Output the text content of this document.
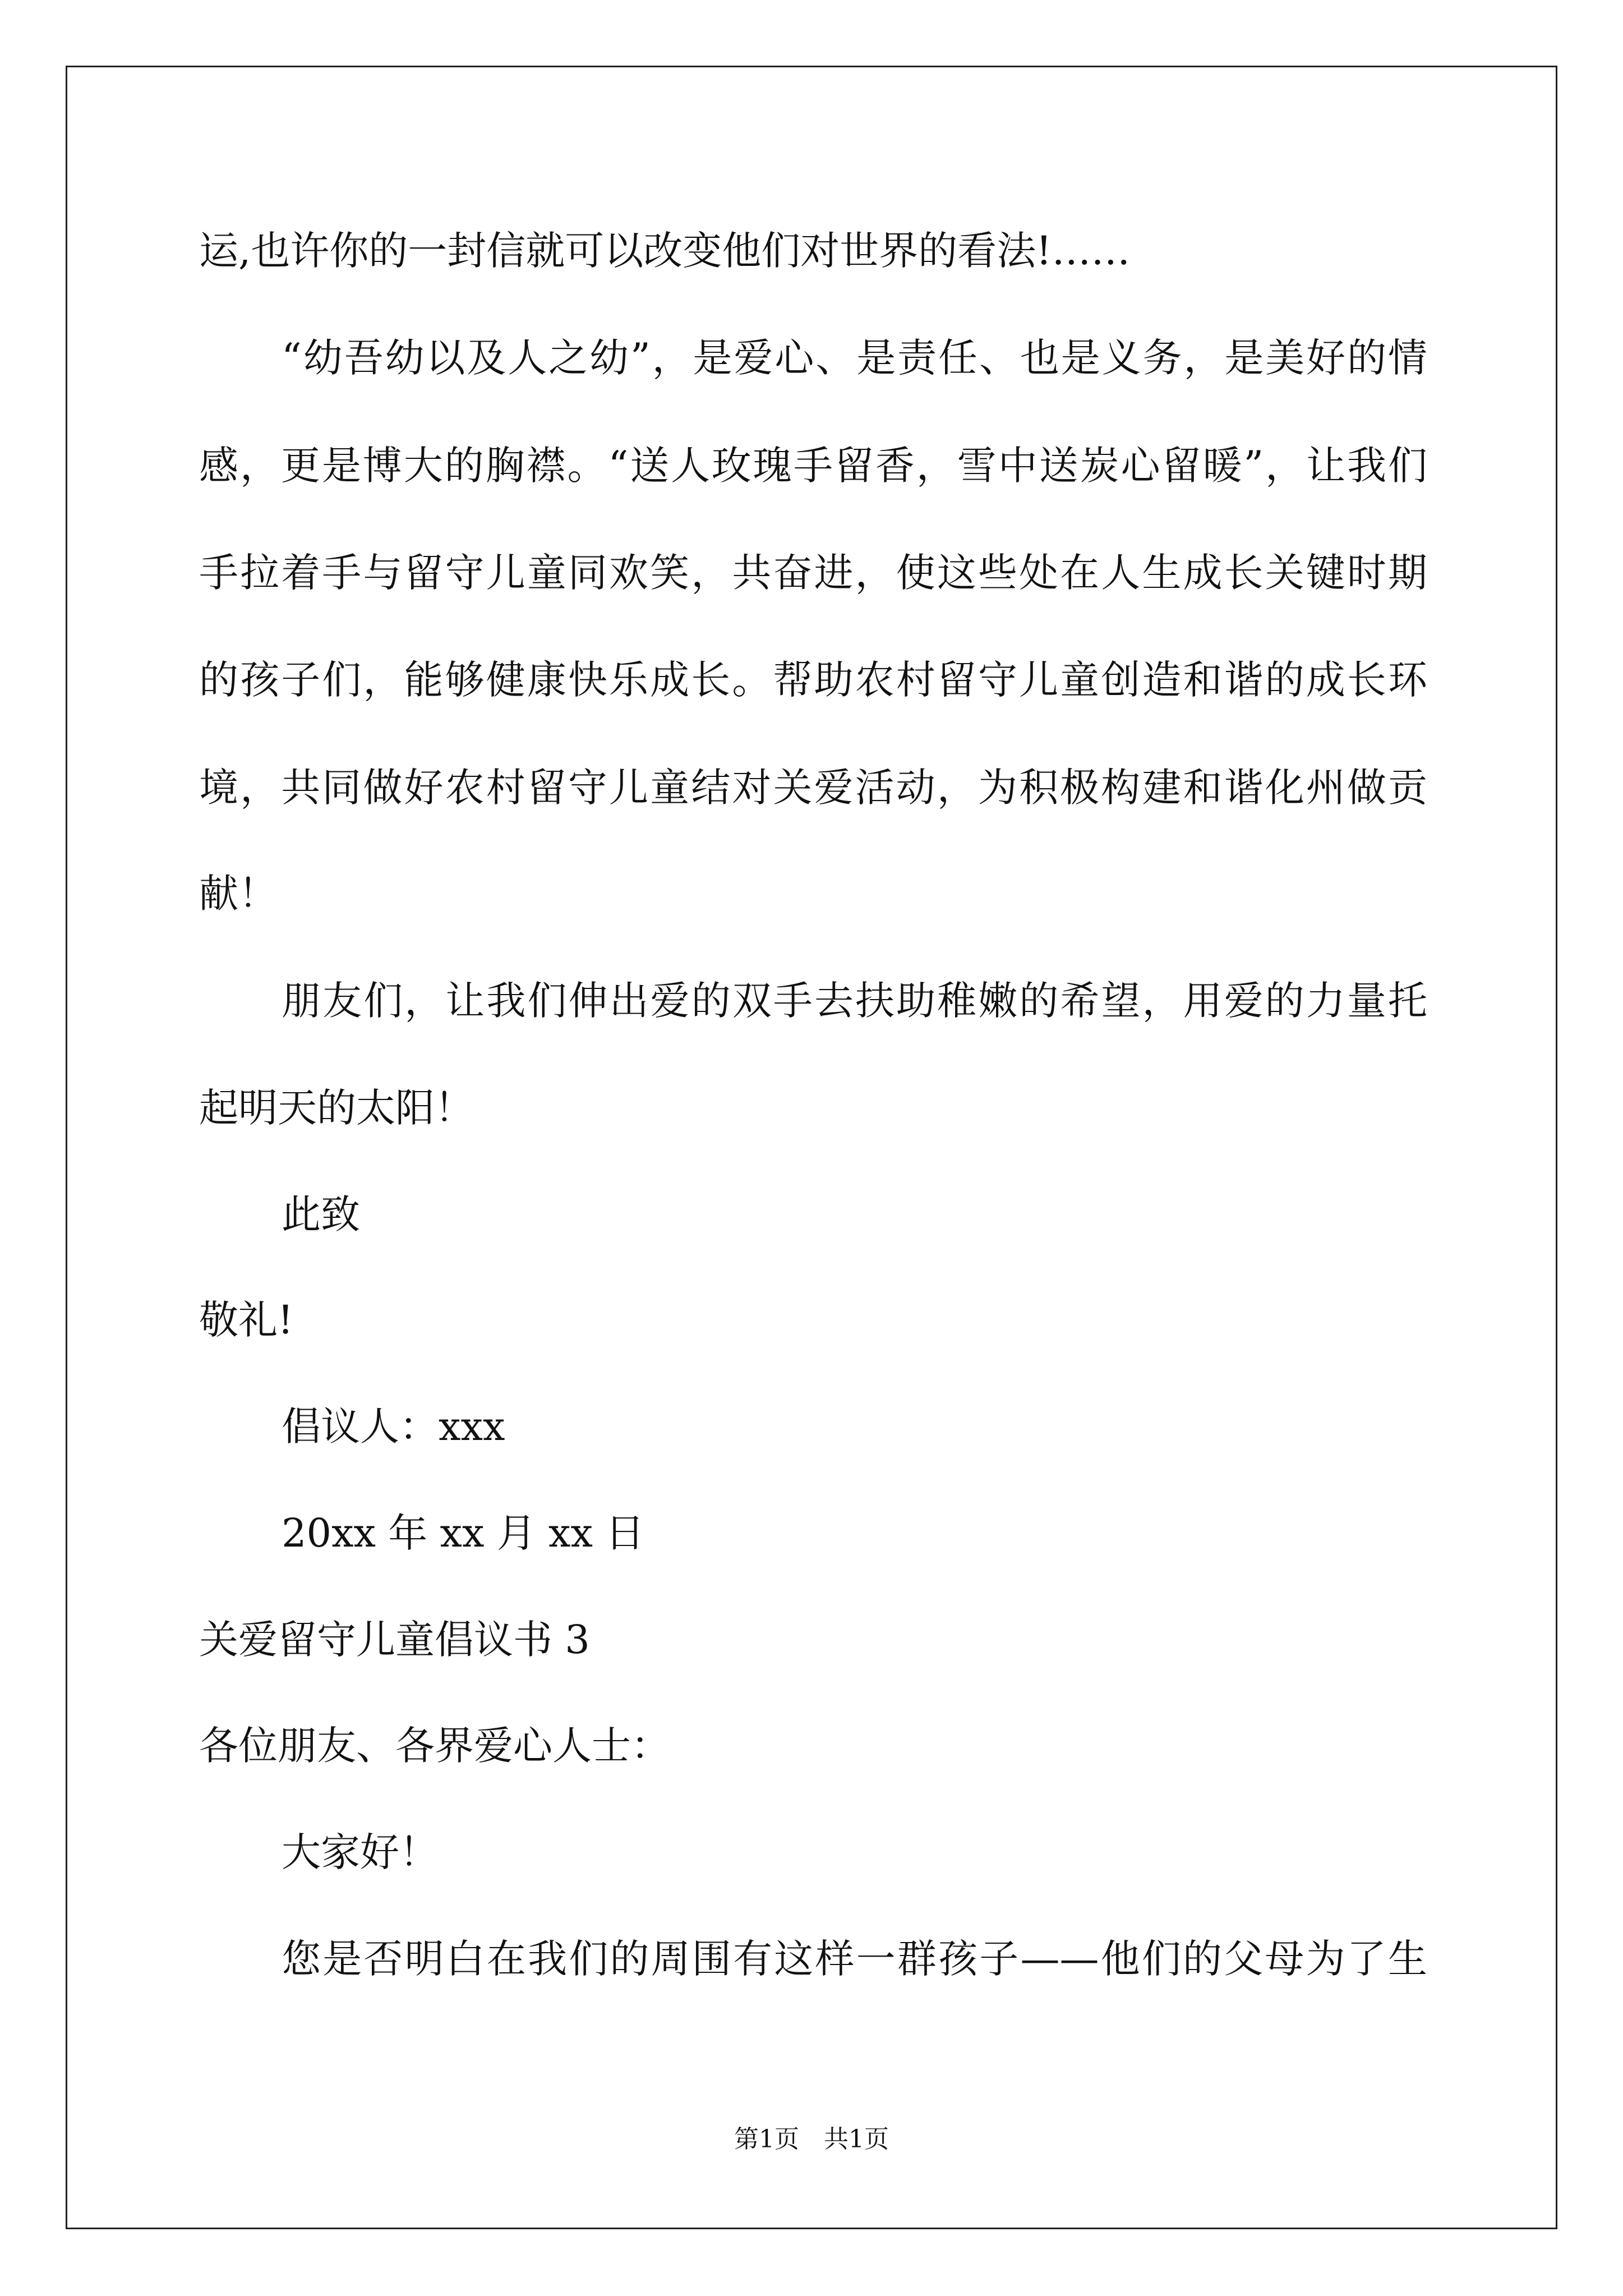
运,也许你的一封信就可以改变他们对世界的看法!……
“幼吾幼以及人之幼”，是爱心、是责任、也是义务，是美好的情
感，更是博大的胸襟。“送人玫瑰手留香，雪中送炭心留暖”，让我们
手拉着手与留守儿童同欢笑，共奋进，使这些处在人生成长关键时期
的孩子们，能够健康快乐成长。帮助农村留守儿童创造和谐的成长环
境，共同做好农村留守儿童结对关爱活动，为积极构建和谐化州做贡
献！
朋友们，让我们伸出爱的双手去扶助稚嫩的希望，用爱的力量托
起明天的太阳！
此致
敬礼!
倡议人：xxx
20xx 年 xx 月 xx 日
关爱留守儿童倡议书 3
各位朋友、各界爱心人士：
大家好！
您是否明白在我们的周围有这样一群孩子——他们的父母为了生
第1页　共1页
